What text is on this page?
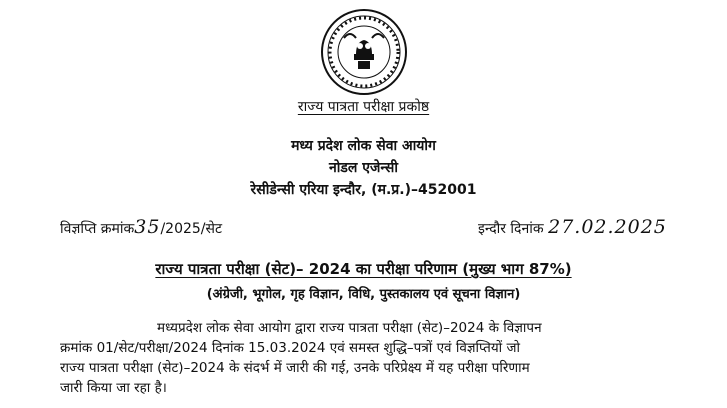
राज्य पात्रता परीक्षा प्रकोष्ठ
मध्य प्रदेश लोक सेवा आयोग
नोडल एजेन्सी
रेसीडेन्सी एरिया इन्दौर, (म.प्र.)–452001
विज्ञप्ति क्रमांक35/2025/सेट	इन्दौर दिनांक 27.02.2025
राज्य पात्रता परीक्षा (सेट)– 2024 का परीक्षा परिणाम (मुख्य भाग 87%)
(अंग्रेजी, भूगोल, गृह विज्ञान, विधि, पुस्तकालय एवं सूचना विज्ञान)
मध्यप्रदेश लोक सेवा आयोग द्वारा राज्य पात्रता परीक्षा (सेट)–2024 के विज्ञापन
क्रमांक 01/सेट/परीक्षा/2024 दिनांक 15.03.2024 एवं समस्त शुद्धि–पत्रों एवं विज्ञप्तियों जो
राज्य पात्रता परीक्षा (सेट)–2024 के संदर्भ में जारी की गई, उनके परिप्रेक्ष्य में यह परीक्षा परिणाम
जारी किया जा रहा है।
